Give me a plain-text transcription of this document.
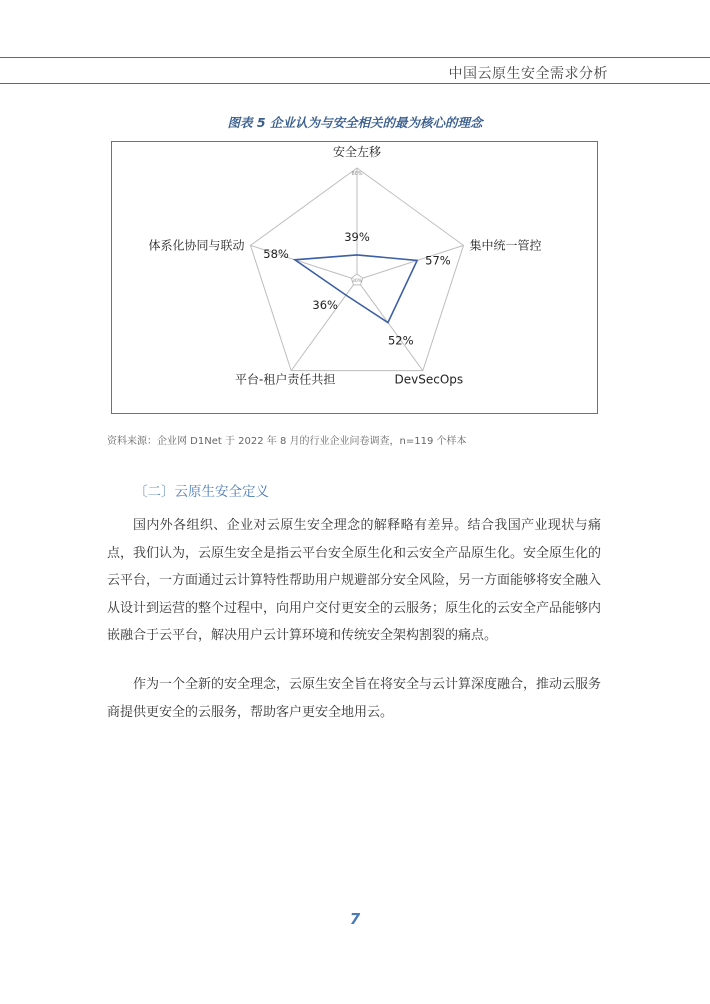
中国云原生安全需求分析
图表 5 企业认为与安全相关的最为核心的理念
80%
30%
安全左移
集中统一管控
DevSecOps
平台-租户责任共担
体系化协同与联动
39%
57%
52%
36%
58%
资料来源：企业网 D1Net 于 2022 年 8 月的行业企业问卷调查，n=119 个样本
〔二〕云原生安全定义

国内外各组织、企业对云原生安全理念的解释略有差异。结合我国产业现状与痛点，我们认为，云原生安全是指云平台安全原生化和云安全产品原生化。安全原生化的云平台，一方面通过云计算特性帮助用户规避部分安全风险，另一方面能够将安全融入从设计到运营的整个过程中，向用户交付更安全的云服务；原生化的云安全产品能够内嵌融合于云平台，解决用户云计算环境和传统安全架构割裂的痛点。

作为一个全新的安全理念，云原生安全旨在将安全与云计算深度融合，推动云服务商提供更安全的云服务，帮助客户更安全地用云。

7
